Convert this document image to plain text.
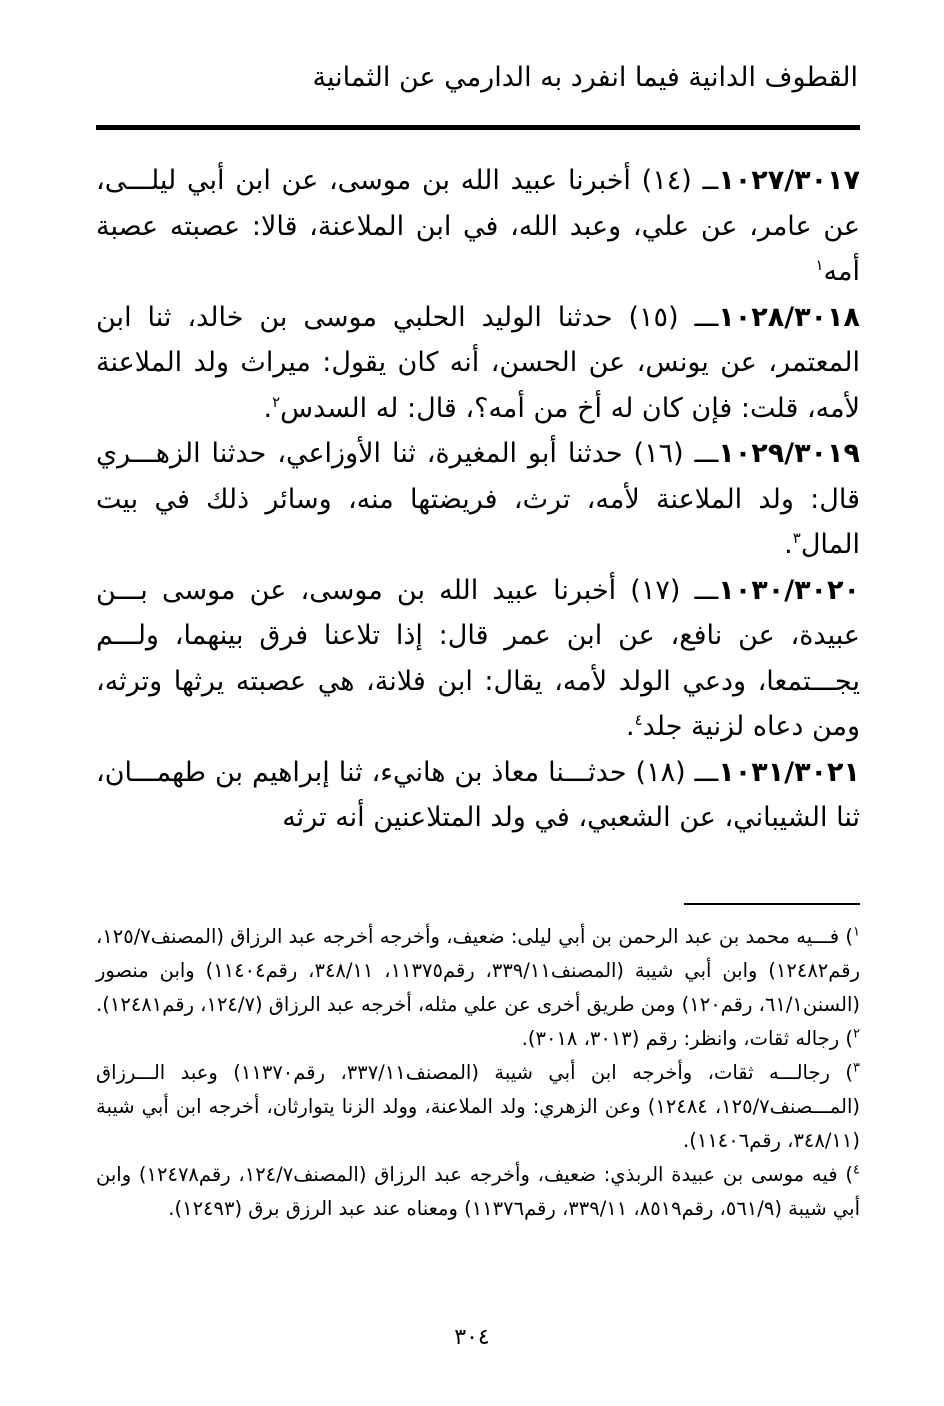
القطوف الدانية فيما انفرد به الدارمي عن الثمانية

١٠٢٧/٣٠١٧ــ (١٤) أخبرنا عبيد الله بن موسى، عن ابن أبي ليلـــى، عن عامر، عن علي، وعبد الله، في ابن الملاعنة، قالا: عصبته عصبة أمه$^١$

١٠٢٨/٣٠١٨ـــ (١٥) حدثنا الوليد الحلبي موسى بن خالد، ثنا ابن المعتمر، عن يونس، عن الحسن، أنه كان يقول: ميراث ولد الملاعنة لأمه، قلت: فإن كان له أخ من أمه؟، قال: له السدس$^٢$.

١٠٢٩/٣٠١٩ـــ (١٦) حدثنا أبو المغيرة، ثنا الأوزاعي، حدثنا الزهـــري قال: ولد الملاعنة لأمه، ترث، فريضتها منه، وسائر ذلك في بيت المال$^٣$.

١٠٣٠/٣٠٢٠ـــ (١٧) أخبرنا عبيد الله بن موسى، عن موسى بـــن عبيدة، عن نافع، عن ابن عمر قال: إذا تلاعنا فرق بينهما، ولـــم يجـــتمعا، ودعي الولد لأمه، يقال: ابن فلانة، هي عصبته يرثها وترثه، ومن دعاه لزنية جلد$^٤$.

١٠٣١/٣٠٢١ـــ (١٨) حدثـــنا معاذ بن هانيء، ثنا إبراهيم بن طهمـــان، ثنا الشيباني، عن الشعبي، في ولد المتلاعنين أنه ترثه

$^١$) فـــيه محمد بن عبد الرحمن بن أبي ليلى: ضعيف، وأخرجه أخرجه عبد الرزاق (المصنف١٢٥/٧، رقم١٢٤٨٢) وابن أبي شيبة (المصنف٣٣٩/١١، رقم١١٣٧٥، ٣٤٨/١١، رقم١١٤٠٤) وابن منصور (السنن٦١/١، رقم١٢٠) ومن طريق أخرى عن علي مثله، أخرجه عبد الرزاق (١٢٤/٧، رقم١٢٤٨١).

$^٢$) رجاله ثقات، وانظر: رقم (٣٠١٣، ٣٠١٨).

$^٣$) رجالـــه ثقات، وأخرجه ابن أبي شيبة (المصنف٣٣٧/١١، رقم١١٣٧٠) وعبد الـــرزاق (المـــصنف١٢٥/٧، ١٢٤٨٤) وعن الزهري: ولد الملاعنة، وولد الزنا يتوارثان، أخرجه ابن أبي شيبة (٣٤٨/١١، رقم١١٤٠٦).

$^٤$) فيه موسى بن عبيدة الربذي: ضعيف، وأخرجه عبد الرزاق (المصنف١٢٤/٧، رقم١٢٤٧٨) وابن أبي شيبة (٥٦١/٩، رقم٨٥١٩، ٣٣٩/١١، رقم١١٣٧٦) ومعناه عند عبد الرزق برق (١٢٤٩٣).

٣٠٤
